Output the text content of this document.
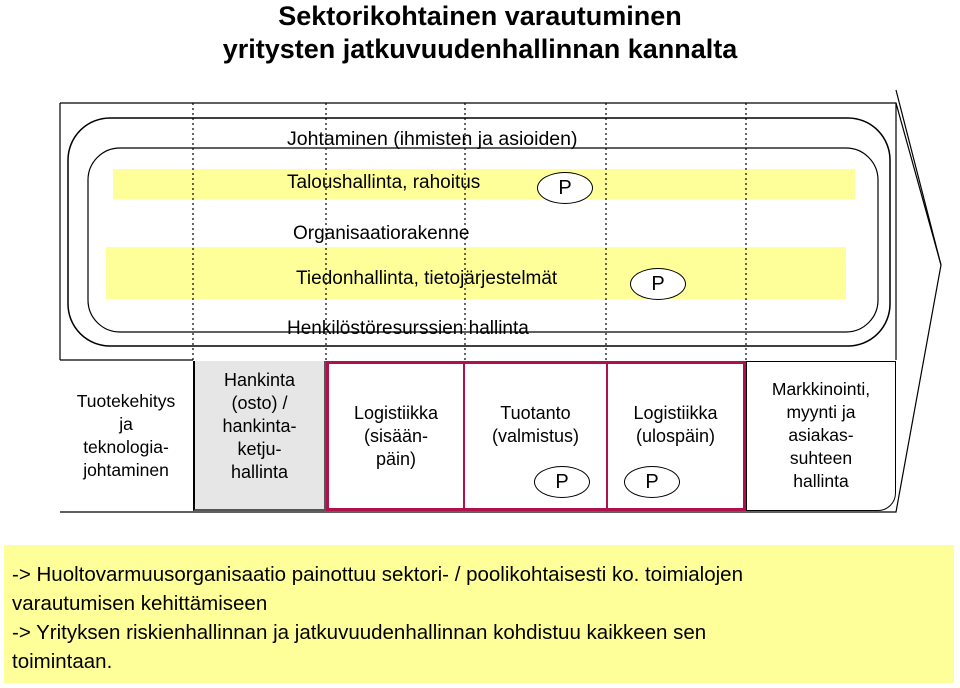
Sektorikohtainen varautuminen
yritysten jatkuvuudenhallinnan kannalta
Johtaminen (ihmisten ja asioiden)
Taloushallinta, rahoitus	P
Organisaatiorakenne
Tiedonhallinta, tietojärjestelmät	P
Henkilöstöresurssien hallinta
Tuotekehitys
ja
teknologia-
johtaminen
Hankinta
(osto) /
hankinta-
ketju-
hallinta
Logistiikka
(sisään-
päin)
Tuotanto
(valmistus)
P
Logistiikka
(ulospäin)
P
Markkinointi,
myynti ja
asiakas-
suhteen
hallinta
-> Huoltovarmuusorganisaatio painottuu sektori- / poolikohtaisesti ko. toimialojen
varautumisen kehittämiseen
-> Yrityksen riskienhallinnan ja jatkuvuudenhallinnan kohdistuu kaikkeen sen
toimintaan.
